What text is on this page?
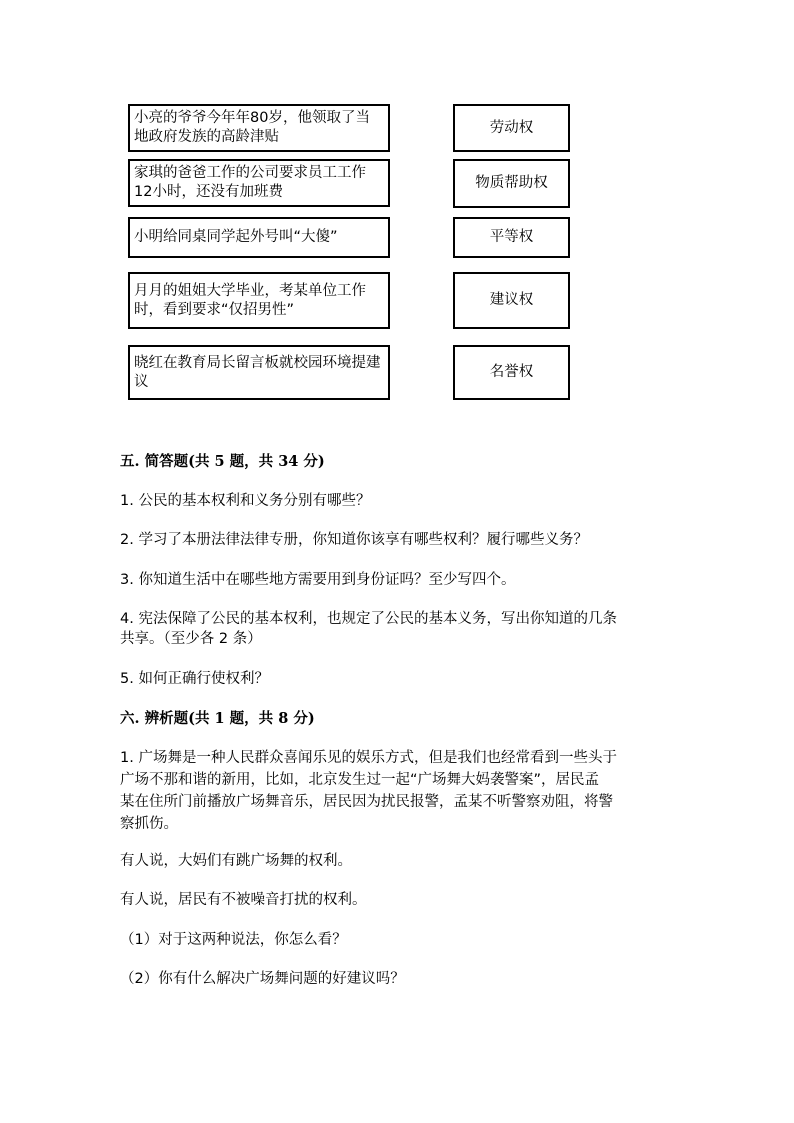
小亮的爷爷今年年80岁，他领取了当地政府发族的高龄津贴
家琪的爸爸工作的公司要求员工工作12小时，还没有加班费
小明给同桌同学起外号叫“大傻”
月月的姐姐大学毕业，考某单位工作时，看到要求“仅招男性”
晓红在教育局长留言板就校园环境提建议
劳动权
物质帮助权
平等权
建议权
名誉权
五. 简答题(共 5 题，共 34 分)
1. 公民的基本权利和义务分别有哪些？
2. 学习了本册法律法律专册，你知道你该享有哪些权利？履行哪些义务？
3. 你知道生活中在哪些地方需要用到身份证吗？至少写四个。
4. 宪法保障了公民的基本权利，也规定了公民的基本义务，写出你知道的几条
共享。（至少各 2 条）
5. 如何正确行使权利？
六. 辨析题(共 1 题，共 8 分)
1. 广场舞是一种人民群众喜闻乐见的娱乐方式，但是我们也经常看到一些头于
广场不那和谐的新用，比如，北京发生过一起“广场舞大妈袭警案”，居民孟
某在住所门前播放广场舞音乐，居民因为扰民报警，孟某不听警察劝阻，将警
察抓伤。
有人说，大妈们有跳广场舞的权利。
有人说，居民有不被噪音打扰的权利。
（1）对于这两种说法，你怎么看？
（2）你有什么解决广场舞问题的好建议吗？
